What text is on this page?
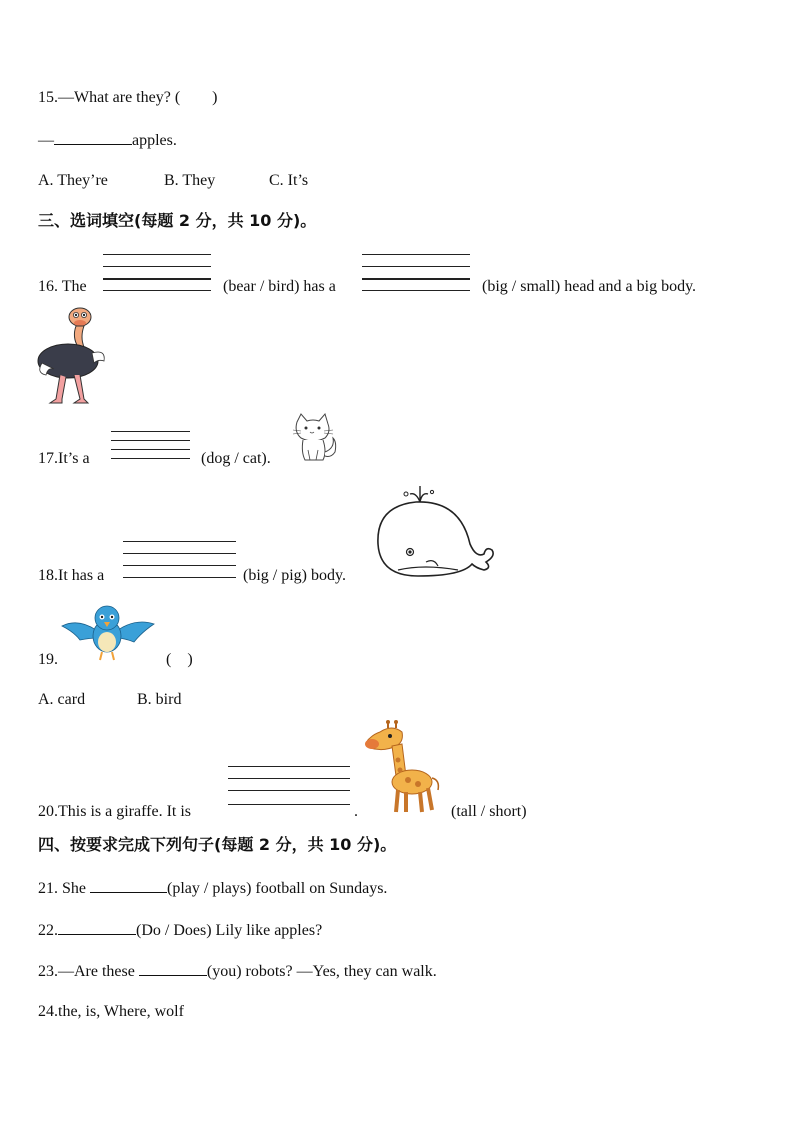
15.—What are they? (　　)
—	apples.
A. They’re	B. They	C. It’s
三、选词填空(每题 2 分，共 10 分)。
16. The	(bear / bird) has a	(big / small) head and a big body.
17.It’s a	(dog / cat).
18.It has a	(big / pig) body.
19.	(　)
A. card	B. bird
20.This is a giraffe. It is	.	(tall / short)
四、按要求完成下列句子(每题 2 分，共 10 分)。
21. She	(play / plays) football on Sundays.
22.	(Do / Does) Lily like apples?
23.—Are these	(you) robots? —Yes, they can walk.
24.the, is, Where, wolf
